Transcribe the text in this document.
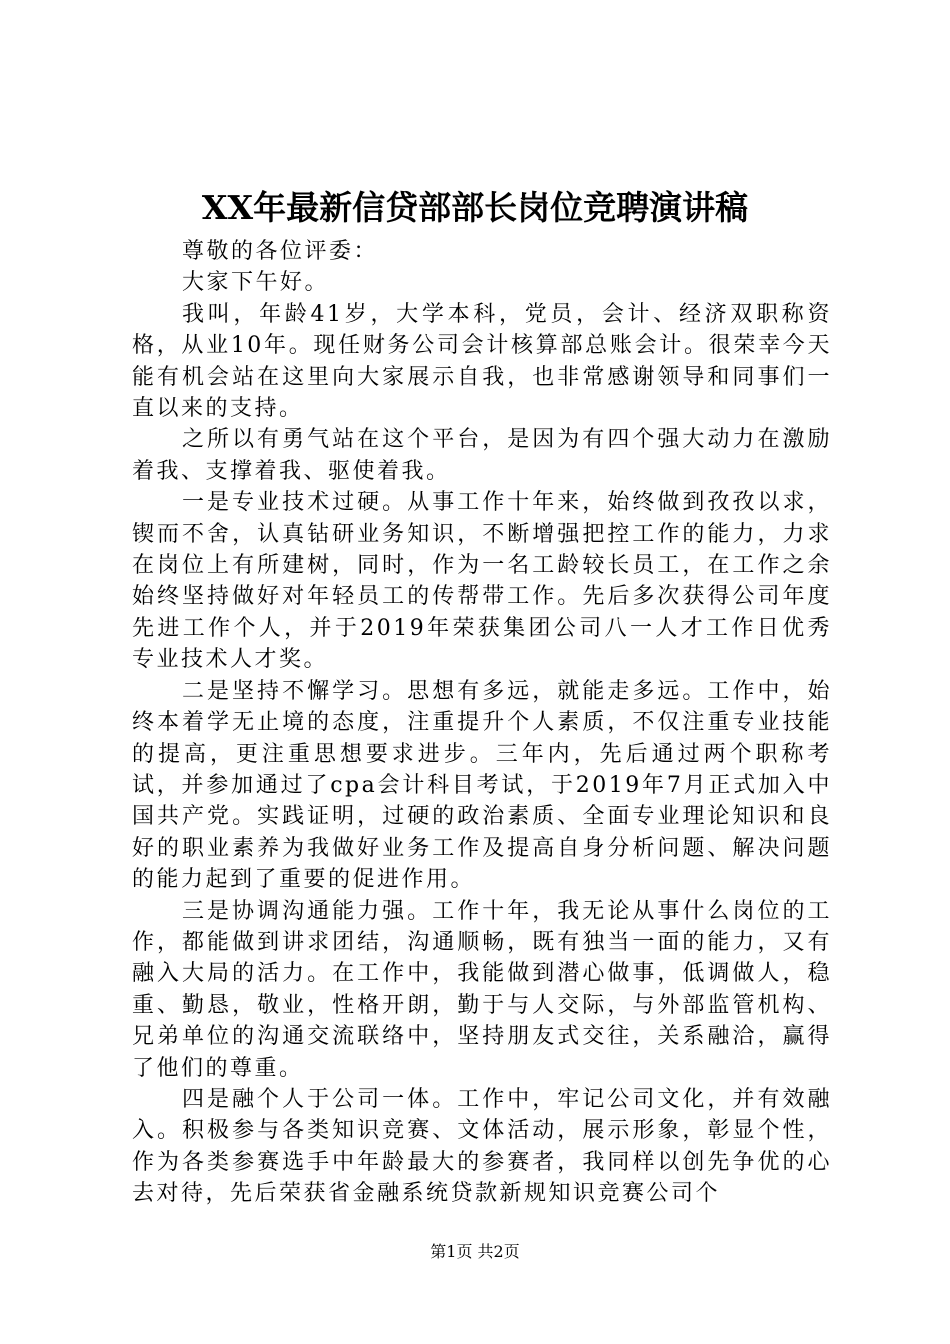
XX年最新信贷部部长岗位竞聘演讲稿

尊敬的各位评委：

大家下午好。

我叫，年龄41岁，大学本科，党员，会计、经济双职称资格，从业10年。现任财务公司会计核算部总账会计。很荣幸今天能有机会站在这里向大家展示自我，也非常感谢领导和同事们一直以来的支持。

之所以有勇气站在这个平台，是因为有四个强大动力在激励着我、支撑着我、驱使着我。

一是专业技术过硬。从事工作十年来，始终做到孜孜以求，锲而不舍，认真钻研业务知识，不断增强把控工作的能力，力求在岗位上有所建树，同时，作为一名工龄较长员工，在工作之余始终坚持做好对年轻员工的传帮带工作。先后多次获得公司年度先进工作个人，并于2019年荣获集团公司八一人才工作日优秀专业技术人才奖。

二是坚持不懈学习。思想有多远，就能走多远。工作中，始终本着学无止境的态度，注重提升个人素质，不仅注重专业技能的提高，更注重思想要求进步。三年内，先后通过两个职称考试，并参加通过了cpa会计科目考试，于2019年7月正式加入中国共产党。实践证明，过硬的政治素质、全面专业理论知识和良好的职业素养为我做好业务工作及提高自身分析问题、解决问题的能力起到了重要的促进作用。

三是协调沟通能力强。工作十年，我无论从事什么岗位的工作，都能做到讲求团结，沟通顺畅，既有独当一面的能力，又有融入大局的活力。在工作中，我能做到潜心做事，低调做人，稳重、勤恳，敬业，性格开朗，勤于与人交际，与外部监管机构、兄弟单位的沟通交流联络中，坚持朋友式交往，关系融洽，赢得了他们的尊重。

四是融个人于公司一体。工作中，牢记公司文化，并有效融入。积极参与各类知识竞赛、文体活动，展示形象，彰显个性，作为各类参赛选手中年龄最大的参赛者，我同样以创先争优的心去对待，先后荣获省金融系统贷款新规知识竞赛公司个

第1页 共2页
